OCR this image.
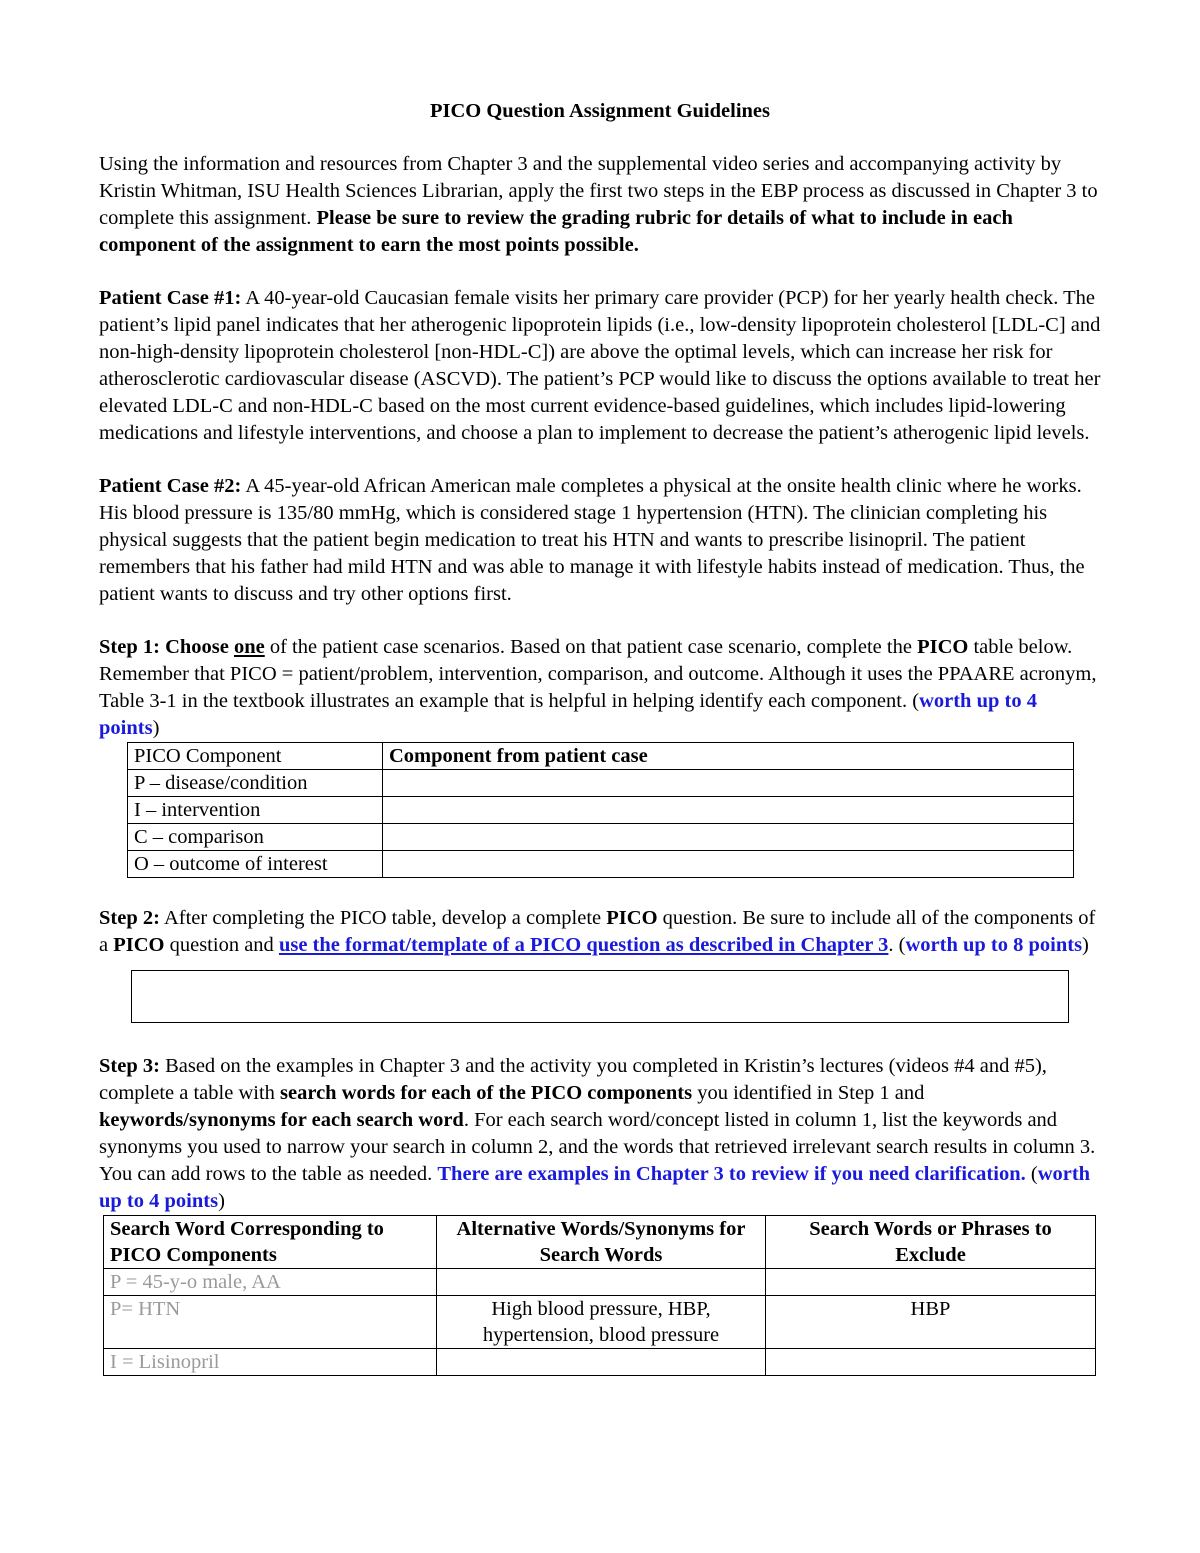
PICO Question Assignment Guidelines

Using the information and resources from Chapter 3 and the supplemental video series and accompanying activity by Kristin Whitman, ISU Health Sciences Librarian, apply the first two steps in the EBP process as discussed in Chapter 3 to complete this assignment. Please be sure to review the grading rubric for details of what to include in each component of the assignment to earn the most points possible.

Patient Case #1: A 40-year-old Caucasian female visits her primary care provider (PCP) for her yearly health check. The patient’s lipid panel indicates that her atherogenic lipoprotein lipids (i.e., low-density lipoprotein cholesterol [LDL-C] and non-high-density lipoprotein cholesterol [non-HDL-C]) are above the optimal levels, which can increase her risk for atherosclerotic cardiovascular disease (ASCVD). The patient’s PCP would like to discuss the options available to treat her elevated LDL-C and non-HDL-C based on the most current evidence-based guidelines, which includes lipid-lowering medications and lifestyle interventions, and choose a plan to implement to decrease the patient’s atherogenic lipid levels.

Patient Case #2: A 45-year-old African American male completes a physical at the onsite health clinic where he works. His blood pressure is 135/80 mmHg, which is considered stage 1 hypertension (HTN). The clinician completing his physical suggests that the patient begin medication to treat his HTN and wants to prescribe lisinopril. The patient remembers that his father had mild HTN and was able to manage it with lifestyle habits instead of medication. Thus, the patient wants to discuss and try other options first.

Step 1: Choose one of the patient case scenarios. Based on that patient case scenario, complete the PICO table below. Remember that PICO = patient/problem, intervention, comparison, and outcome. Although it uses the PPAARE acronym, Table 3-1 in the textbook illustrates an example that is helpful in helping identify each component. (worth up to 4 points)

PICO Component	Component from patient case
P – disease/condition	
I – intervention	
C – comparison	
O – outcome of interest	

Step 2: After completing the PICO table, develop a complete PICO question. Be sure to include all of the components of a PICO question and use the format/template of a PICO question as described in Chapter 3. (worth up to 8 points)

Step 3: Based on the examples in Chapter 3 and the activity you completed in Kristin’s lectures (videos #4 and #5), complete a table with search words for each of the PICO components you identified in Step 1 and keywords/synonyms for each search word. For each search word/concept listed in column 1, list the keywords and synonyms you used to narrow your search in column 2, and the words that retrieved irrelevant search results in column 3. You can add rows to the table as needed. There are examples in Chapter 3 to review if you need clarification. (worth up to 4 points)

Search Word Corresponding to PICO Components	Alternative Words/Synonyms for Search Words	Search Words or Phrases to Exclude
P = 45-y-o male, AA		
P= HTN	High blood pressure, HBP, hypertension, blood pressure	HBP
I = Lisinopril		
